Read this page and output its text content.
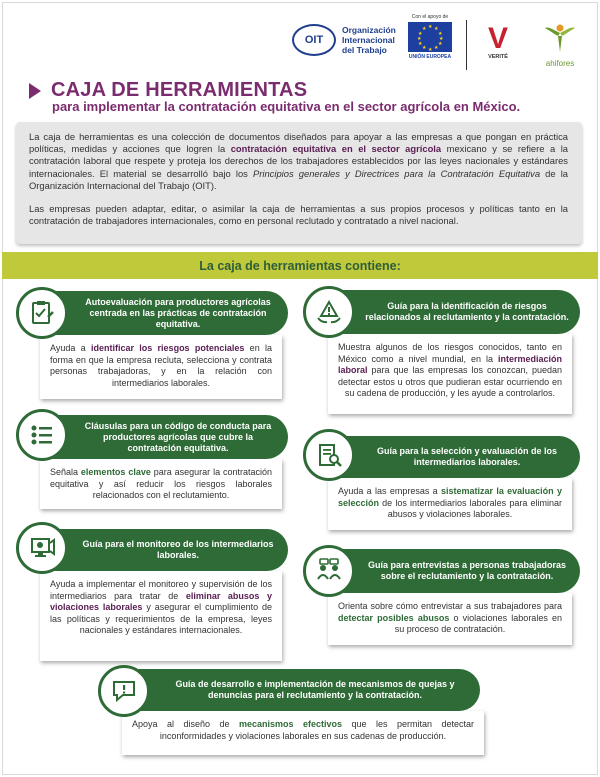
OIT
Organización
Internacional
del Trabajo
Con el apoyo de
★ ★
★
★
★
★
★
★
★
★
★
★
UNIÓN EUROPEA
V
VERITÉ
ahifores
CAJA DE HERRAMIENTAS
para implementar la contratación equitativa en el sector agrícola en México.

La caja de herramientas es una colección de documentos diseñados para apoyar a las empresas a que pongan en práctica políticas, medidas y acciones que logren la contratación equitativa en el sector agrícola mexicano y se refiere a la contratación laboral que respete y proteja los derechos de los trabajadores establecidos por las leyes nacionales y estándares internacionales. El material se desarrolló bajo los Principios generales y Directrices para la Contratación Equitativa de la Organización Internacional del Trabajo (OIT).

Las empresas pueden adaptar, editar, o asimilar la caja de herramientas a sus propios procesos y políticas tanto en la contratación de trabajadores internacionales, como en personal reclutado y contratado a nivel nacional.

La caja de herramientas contiene:
Autoevaluación para productores agrícolas centrada en las prácticas de contratación equitativa.
Ayuda a identificar los riesgos potenciales en la forma en que la empresa recluta, selecciona y contrata personas trabajadoras, y en la relación con intermediarios laborales.
Guía para la identificación de riesgos relacionados al reclutamiento y la contratación.
Muestra algunos de los riesgos conocidos, tanto en México como a nivel mundial, en la intermediación laboral para que las empresas los conozcan, puedan detectar estos u otros que pudieran estar ocurriendo en su cadena de producción, y les ayude a controlarlos.
Cláusulas para un código de conducta para productores agrícolas que cubre la contratación equitativa.
Señala elementos clave para asegurar la contratación equitativa y así reducir los riesgos laborales relacionados con el reclutamiento.
Guía para la selección y evaluación de los intermediarios laborales.
Ayuda a las empresas a sistematizar la evaluación y selección de los intermediarios laborales para eliminar abusos y violaciones laborales.
Guía para el monitoreo de los intermediarios laborales.
Ayuda a implementar el monitoreo y supervisión de los intermediarios para tratar de eliminar abusos y violaciones laborales y asegurar el cumplimiento de las políticas y requerimientos de la empresa, leyes nacionales y estándares internacionales.
Guía para entrevistas a personas trabajadoras sobre el reclutamiento y la contratación.
Orienta sobre cómo entrevistar a sus trabajadores para detectar posibles abusos o violaciones laborales en su proceso de contratación.
Guía de desarrollo e implementación de mecanismos de quejas y denuncias para el reclutamiento y la contratación.
Apoya al diseño de mecanismos efectivos que les permitan detectar inconformidades y violaciones laborales en sus cadenas de producción.
